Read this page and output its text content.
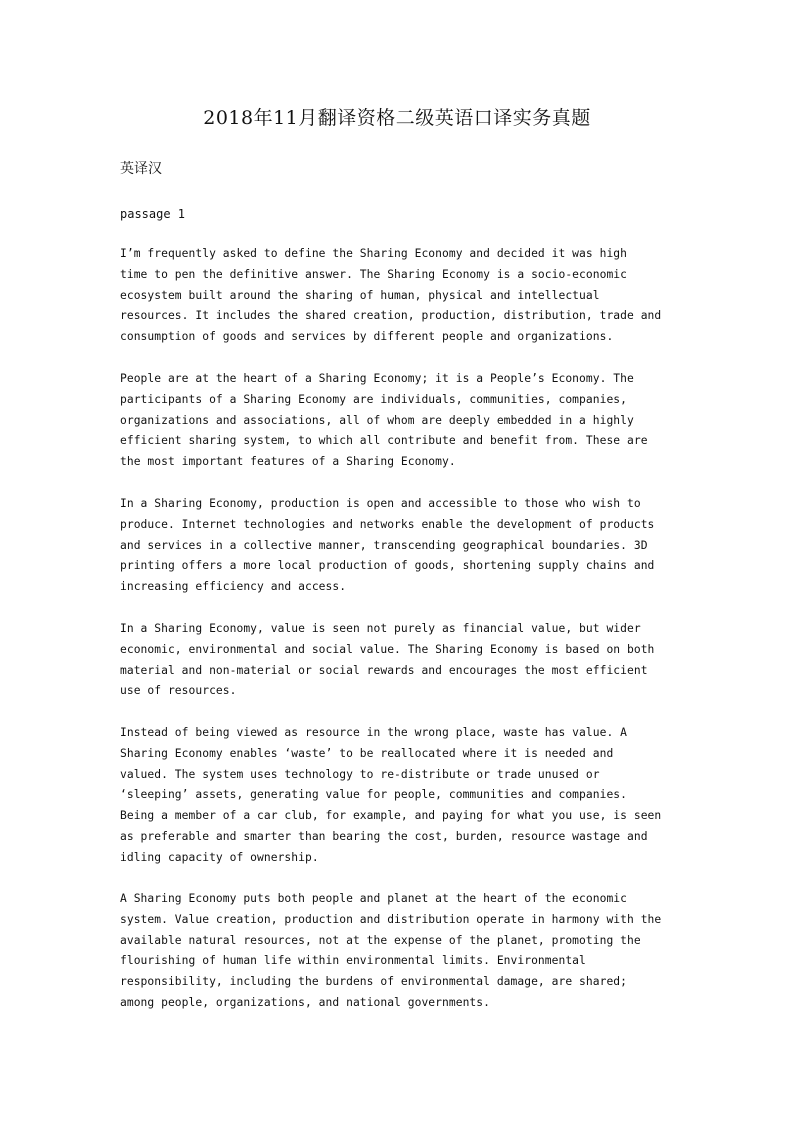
2018年11月翻译资格二级英语口译实务真题

英译汉

passage 1

I’m frequently asked to define the Sharing Economy and decided it was high
time to pen the definitive answer. The Sharing Economy is a socio-economic
ecosystem built around the sharing of human, physical and intellectual
resources. It includes the shared creation, production, distribution, trade and
consumption of goods and services by different people and organizations.

People are at the heart of a Sharing Economy; it is a People’s Economy. The
participants of a Sharing Economy are individuals, communities, companies,
organizations and associations, all of whom are deeply embedded in a highly
efficient sharing system, to which all contribute and benefit from. These are
the most important features of a Sharing Economy.

In a Sharing Economy, production is open and accessible to those who wish to
produce. Internet technologies and networks enable the development of products
and services in a collective manner, transcending geographical boundaries. 3D
printing offers a more local production of goods, shortening supply chains and
increasing efficiency and access.

In a Sharing Economy, value is seen not purely as financial value, but wider
economic, environmental and social value. The Sharing Economy is based on both
material and non-material or social rewards and encourages the most efficient
use of resources.

Instead of being viewed as resource in the wrong place, waste has value. A
Sharing Economy enables ‘waste’ to be reallocated where it is needed and
valued. The system uses technology to re-distribute or trade unused or
‘sleeping’ assets, generating value for people, communities and companies.
Being a member of a car club, for example, and paying for what you use, is seen
as preferable and smarter than bearing the cost, burden, resource wastage and
idling capacity of ownership.

A Sharing Economy puts both people and planet at the heart of the economic
system. Value creation, production and distribution operate in harmony with the
available natural resources, not at the expense of the planet, promoting the
flourishing of human life within environmental limits. Environmental
responsibility, including the burdens of environmental damage, are shared;
among people, organizations, and national governments.
